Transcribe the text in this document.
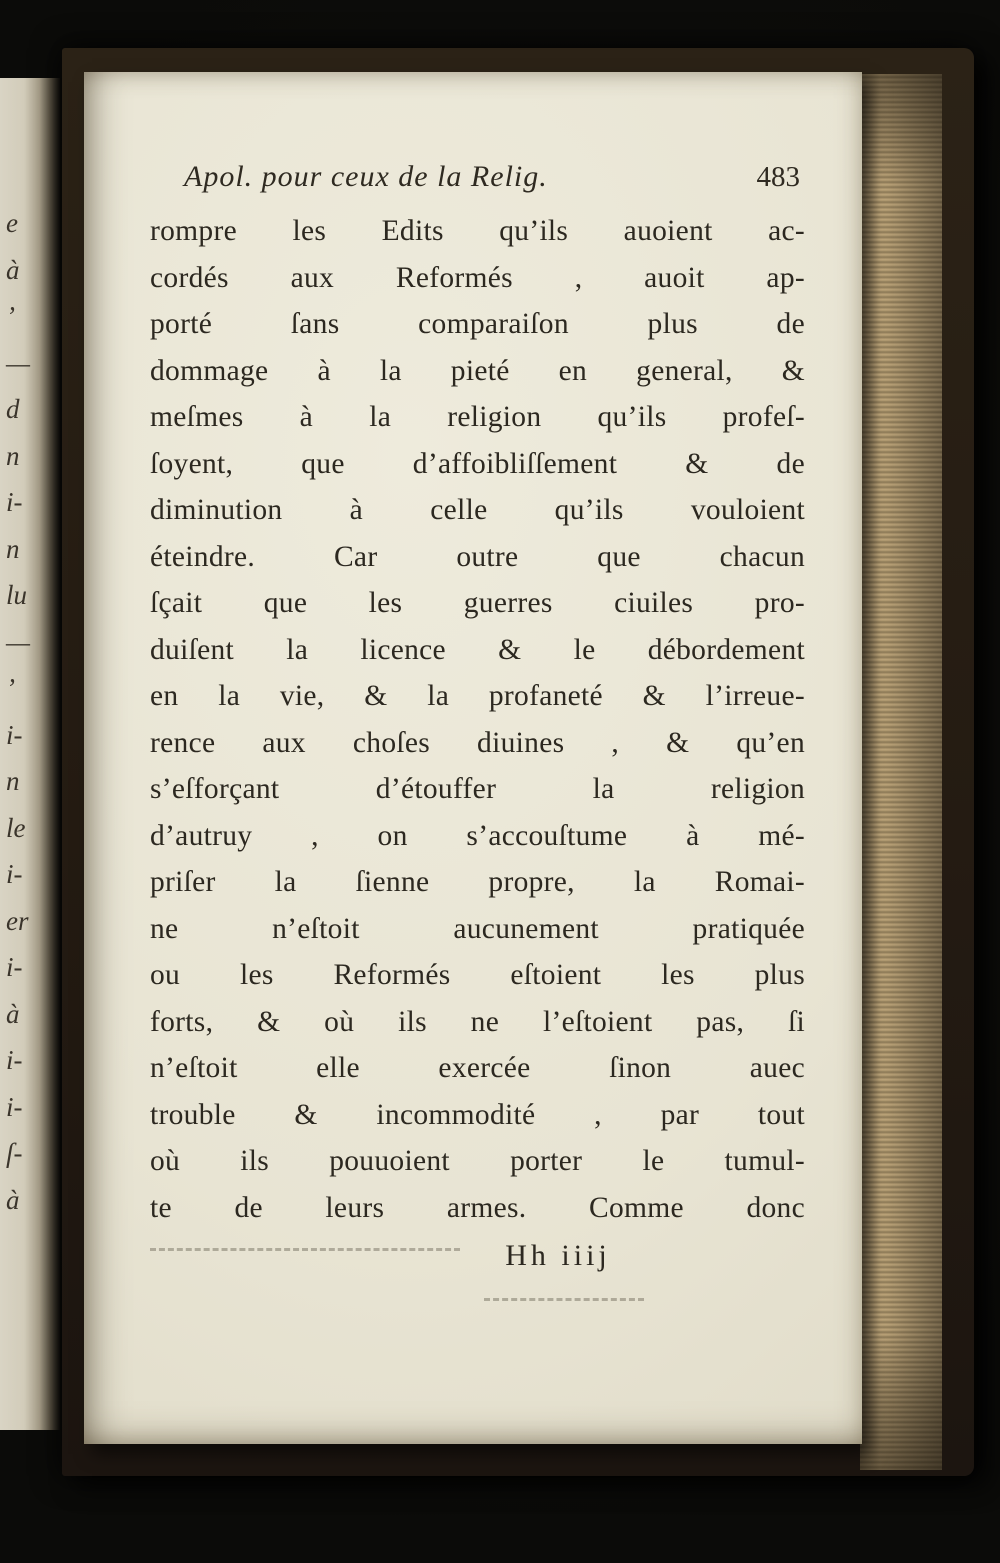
e
à
’
—
d
n
i-
n
lu
—
’
i-
n
le
i-
er
i-
à
i-
i-
ſ-
à
Apol. pour ceux de la Relig.	483
rompre les Edits qu’ils auoient ac-
cordés aux Reformés , auoit ap-
porté ſans comparaiſon plus de
dommage à la pieté en general, &
meſmes à la religion qu’ils profeſ-
ſoyent, que d’affoibliſſement & de
diminution à celle qu’ils vouloient
éteindre. Car outre que chacun
ſçait que les guerres ciuiles pro-
duiſent la licence & le débordement
en la vie, & la profaneté & l’irreue-
rence aux choſes diuines , & qu’en
s’eſforçant d’étouffer la religion
d’autruy , on s’accouſtume à mé-
priſer la ſienne propre, la Romai-
ne n’eſtoit aucunement pratiquée
ou les Reformés eſtoient les plus
forts, & où ils ne l’eſtoient pas, ſi
n’eſtoit elle exercée ſinon auec
trouble & incommodité , par tout
où ils pouuoient porter le tumul-
te de leurs armes. Comme donc
Hh iiij
